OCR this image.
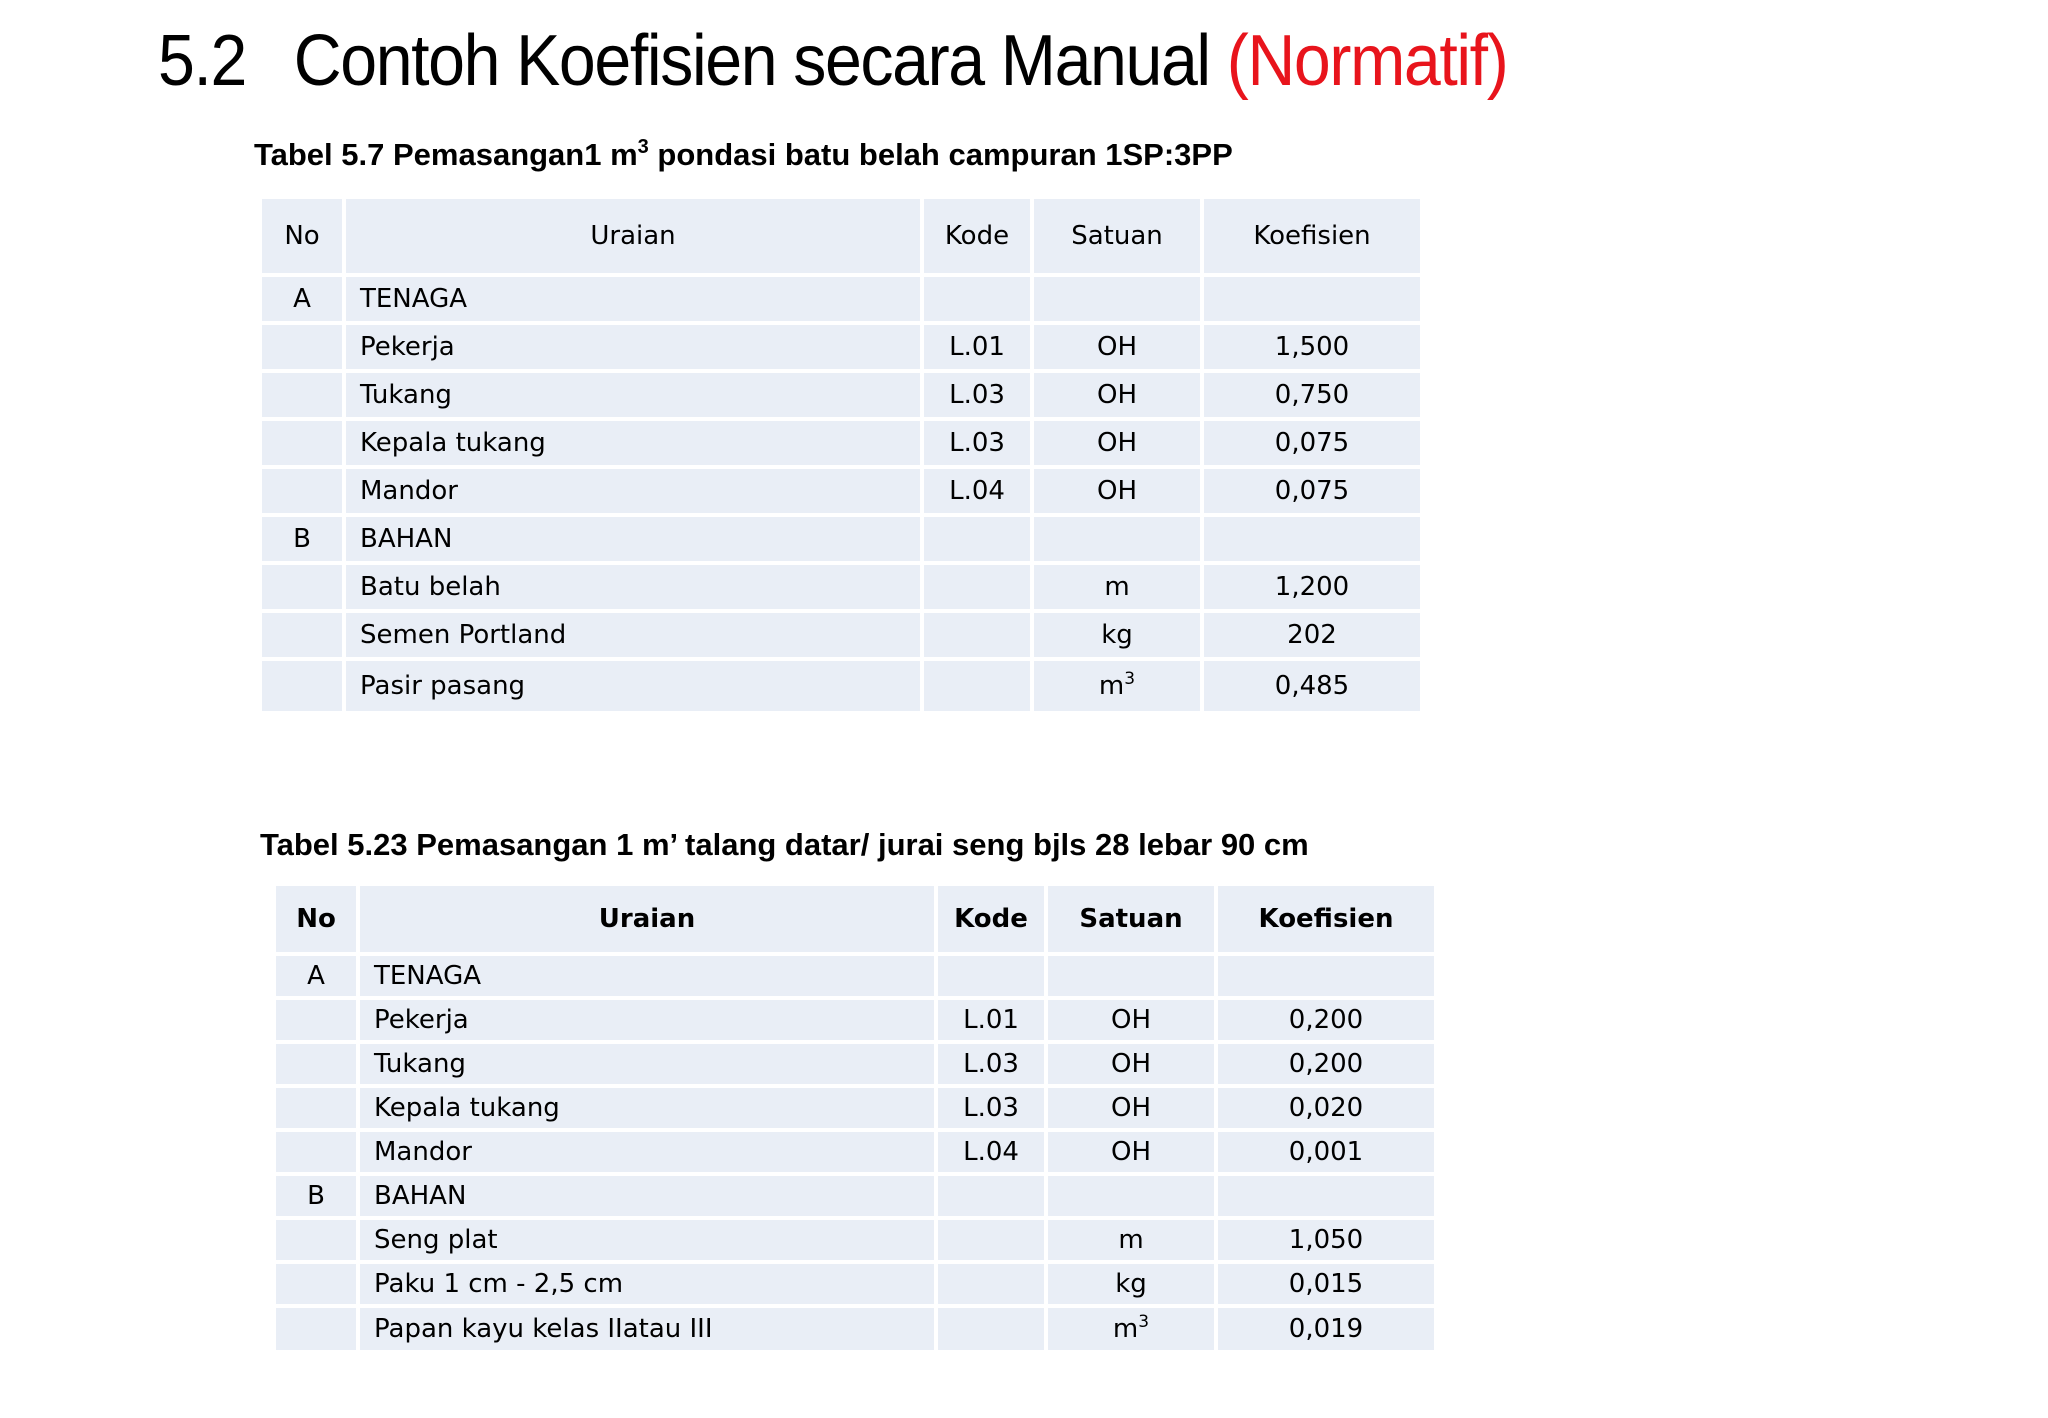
5.2 Contoh Koefisien secara Manual (Normatif)

Tabel 5.7 Pemasangan1 $m^3$ pondasi batu belah campuran 1SP:3PP

No	Uraian	Kode	Satuan	Koefisien
A	TENAGA			
	Pekerja	L.01	OH	1,500
	Tukang	L.03	OH	0,750
	Kepala tukang	L.03	OH	0,075
	Mandor	L.04	OH	0,075
B	BAHAN			
	Batu belah		m	1,200
	Semen Portland		kg	202
	Pasir pasang		$m^3$	0,485

Tabel 5.23 Pemasangan 1 m’ talang datar/ jurai seng bjls 28 lebar 90 cm

No	Uraian	Kode	Satuan	Koefisien
A	TENAGA			
	Pekerja	L.01	OH	0,200
	Tukang	L.03	OH	0,200
	Kepala tukang	L.03	OH	0,020
	Mandor	L.04	OH	0,001
B	BAHAN			
	Seng plat		m	1,050
	Paku 1 cm - 2,5 cm		kg	0,015
	Papan kayu kelas IIatau III		$m^3$	0,019
